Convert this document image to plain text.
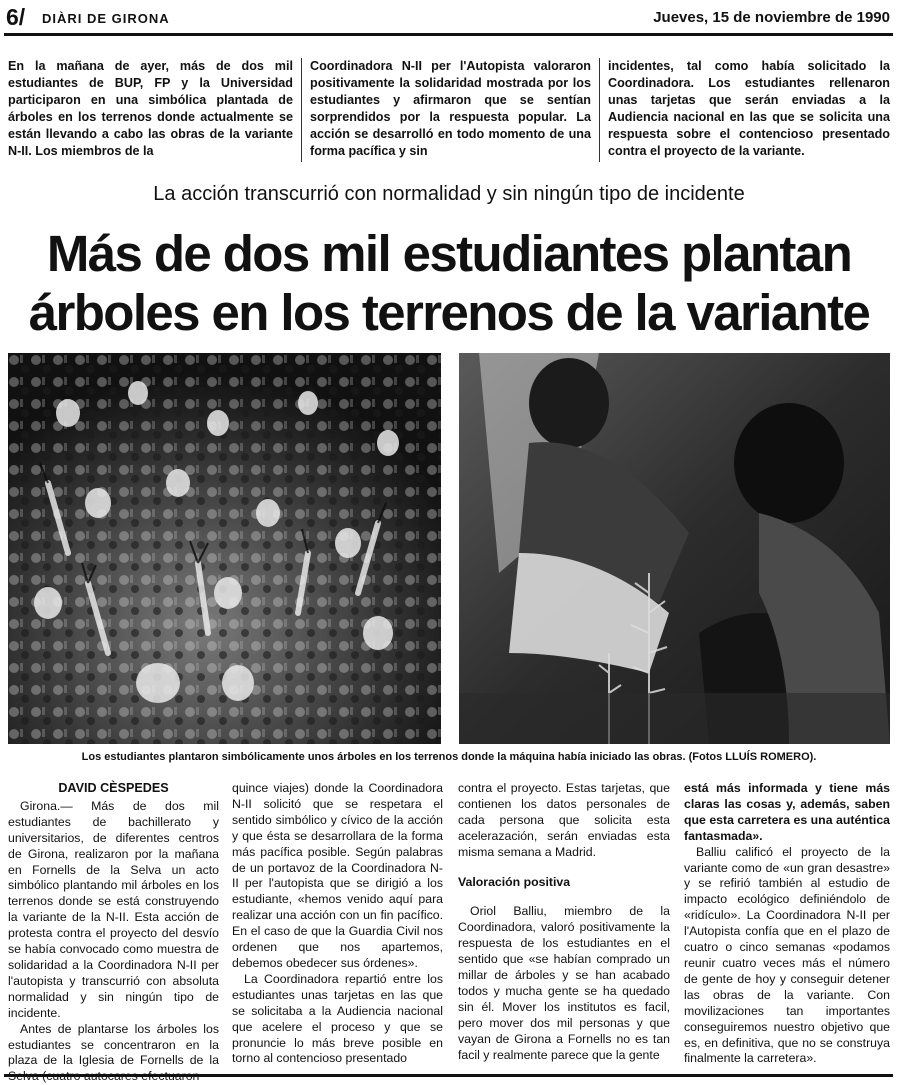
6/ DIÀRI DE GIRONA	Jueves, 15 de noviembre de 1990
En la mañana de ayer, más de dos mil estudiantes de BUP, FP y la Universidad participaron en una simbólica plantada de árboles en los terrenos donde actualmente se están llevando a cabo las obras de la variante N-II. Los miembros de la
Coordinadora N-II per l'Autopista valoraron positivamente la solidaridad mostrada por los estudiantes y afirmaron que se sentían sorprendidos por la respuesta popular. La acción se desarrolló en todo momento de una forma pacífica y sin
incidentes, tal como había solicitado la Coordinadora. Los estudiantes rellenaron unas tarjetas que serán enviadas a la Audiencia nacional en las que se solicita una respuesta sobre el contencioso presentado contra el proyecto de la variante.
La acción transcurrió con normalidad y sin ningún tipo de incidente
Más de dos mil estudiantes plantan
árboles en los terrenos de la variante
Los estudiantes plantaron simbólicamente unos árboles en los terrenos donde la máquina había iniciado las obras. (Fotos LLUÍS ROMERO).
DAVID CÈSPEDES

Girona.— Más de dos mil estudiantes de bachillerato y universitarios, de diferentes centros de Girona, realizaron por la mañana en Fornells de la Selva un acto simbólico plantando mil árboles en los terrenos donde se está construyendo la variante de la N-II. Esta acción de protesta contra el proyecto del desvío se había convocado como muestra de solidaridad a la Coordinadora N-II per l'autopista y transcurrió con absoluta normalidad y sin ningún tipo de incidente.

Antes de plantarse los árboles los estudiantes se concentraron en la plaza de la Iglesia de Fornells de la

quince viajes) donde la Coordinadora N-II solicitó que se respetara el sentido simbólico y cívico de la acción y que ésta se desarrollara de la forma más pacífica posible. Según palabras de un portavoz de la Coordinadora N-II per l'autopista que se dirigió a los estudiante, «hemos venido aquí para realizar una acción con un fin pacífico. En el caso de que la Guardia Civil nos ordenen que nos apartemos, debemos obedecer sus órdenes».

La Coordinadora repartió entre los estudiantes unas tarjetas en las que se solicitaba a la Audiencia nacional que acelere el proceso y que se pronuncie lo más breve posible en torno al contencioso presentado

contra el proyecto. Estas tarjetas, que contienen los datos personales de cada persona que solicita esta acelerazación, serán enviadas esta misma semana a Madrid.

Valoración positiva

Oriol Balliu, miembro de la Coordinadora, valoró positivamente la respuesta de los estudiantes en el sentido que «se habían comprado un millar de árboles y se han acabado todos y mucha gente se ha quedado sin él. Mover los institutos es facil, pero mover dos mil personas y que vayan de Girona a Fornells no es tan facil y realmente parece que la gente

está más informada y tiene más claras las cosas y, además, saben que esta carretera es una auténtica fantasmada».

Balliu calificó el proyecto de la variante como de «un gran desastre» y se refirió también al estudio de impacto ecológico definiéndolo de «ridículo». La Coordinadora N-II per l'Autopista confía que en el plazo de cuatro o cinco semanas «podamos reunir cuatro veces más el número de gente de hoy y conseguir detener las obras de la variante. Con movilizaciones tan importantes conseguiremos nuestro objetivo que es, en definitiva, que no se construya finalmente la carretera».
